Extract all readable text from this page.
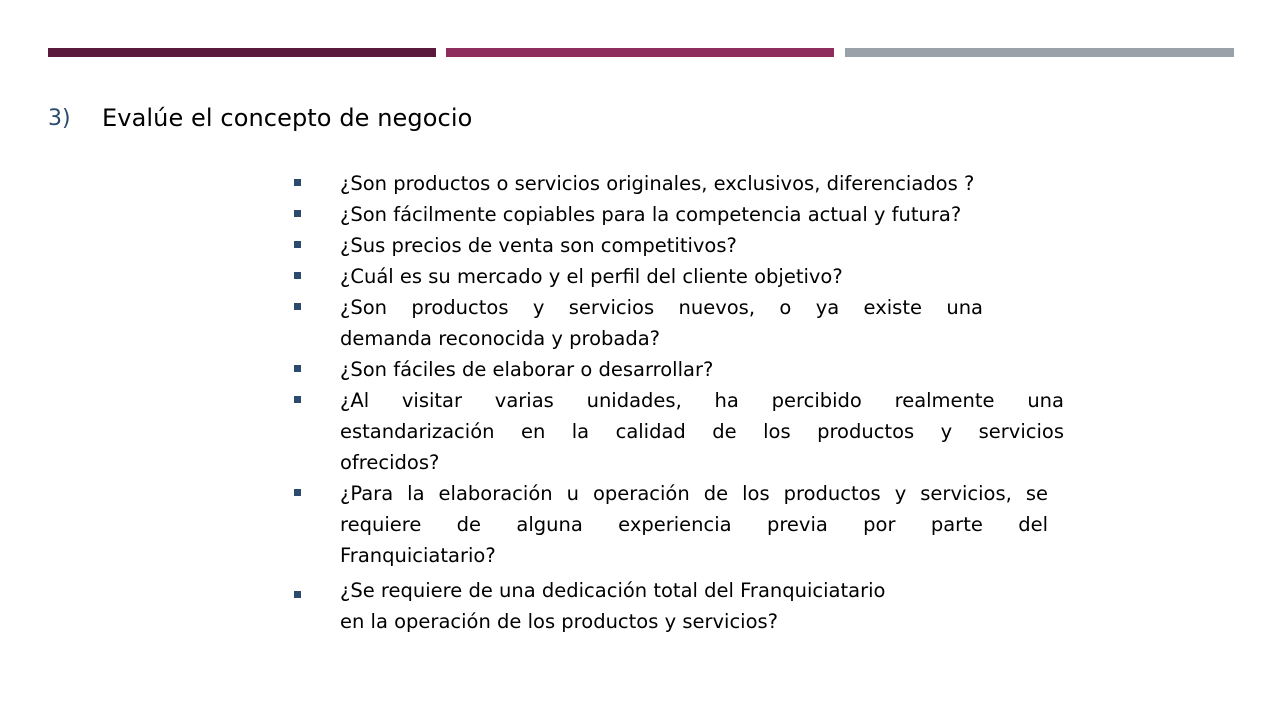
3)	Evalúe el concepto de negocio
¿Son productos o servicios originales, exclusivos, diferenciados ?
¿Son fácilmente copiables para la competencia actual y futura?
¿Sus precios de venta son competitivos?
¿Cuál es su mercado y el perfil del cliente objetivo?
¿Son productos y servicios nuevos, o ya existe una
demanda reconocida y probada?
¿Son fáciles de elaborar o desarrollar?
¿Al visitar varias unidades, ha percibido realmente una
estandarización en la calidad de los productos y servicios
ofrecidos?
¿Para la elaboración u operación de los productos y servicios, se
requiere de alguna experiencia previa por parte del
Franquiciatario?
¿Se requiere de una dedicación total del Franquiciatario
en la operación de los productos y servicios?
